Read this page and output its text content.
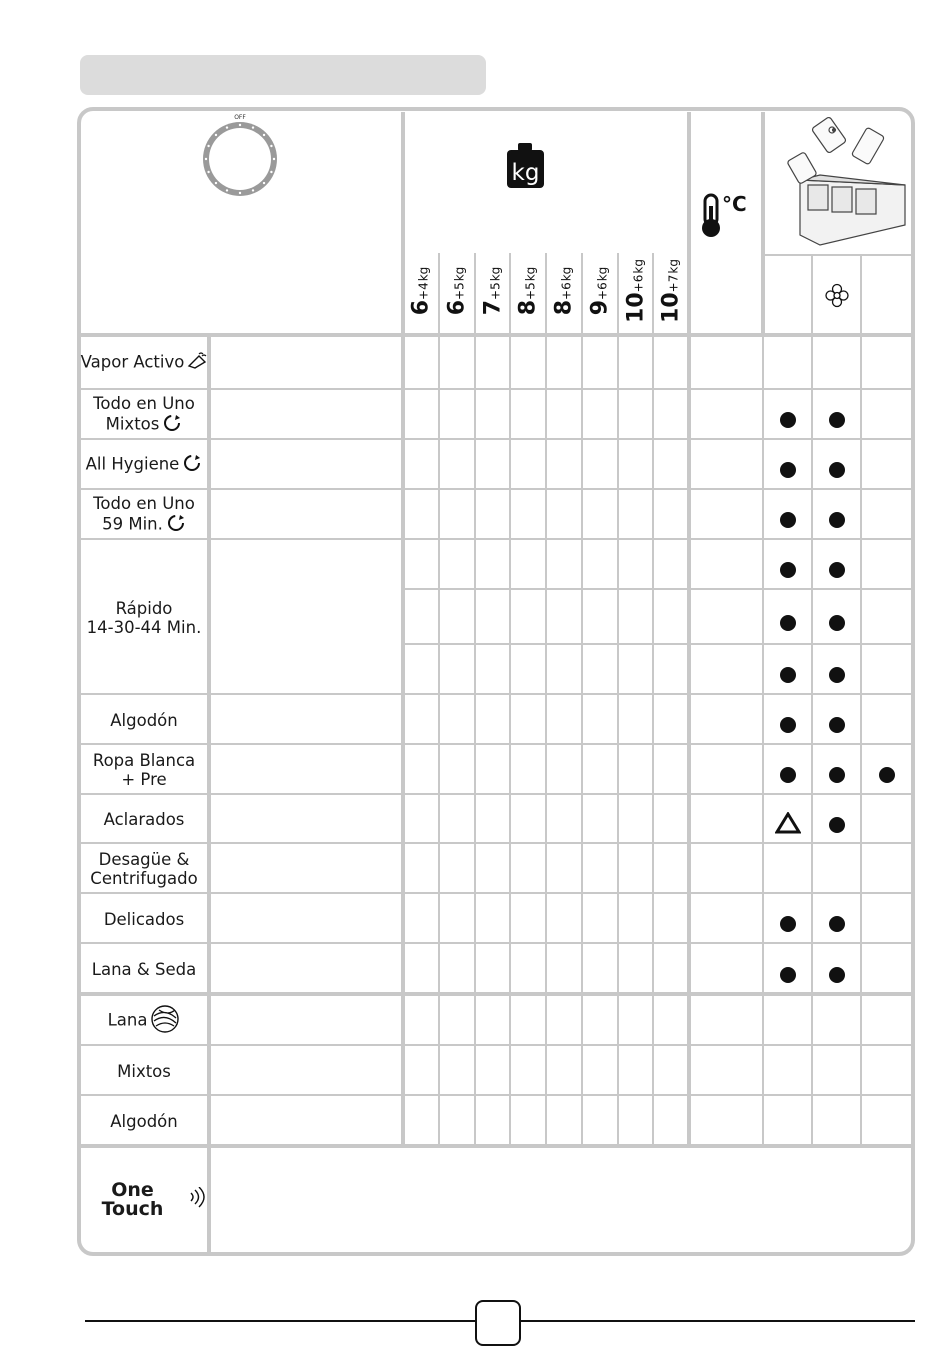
OFF
kg
°C
Vapor Activo
Todo en Uno
Mixtos
All Hygiene
Todo en Uno
59 Min.
Rápido
14-30-44 Min.
Algodón
Ropa Blanca
+ Pre
Aclarados
Desagüe &
Centrifugado
Delicados
Lana & Seda
Lana
Mixtos
Algodón
One Touch
6+4kg
6+5kg
7+5kg
8+5kg
8+6kg
9+6kg
10+6kg
10+7kg
